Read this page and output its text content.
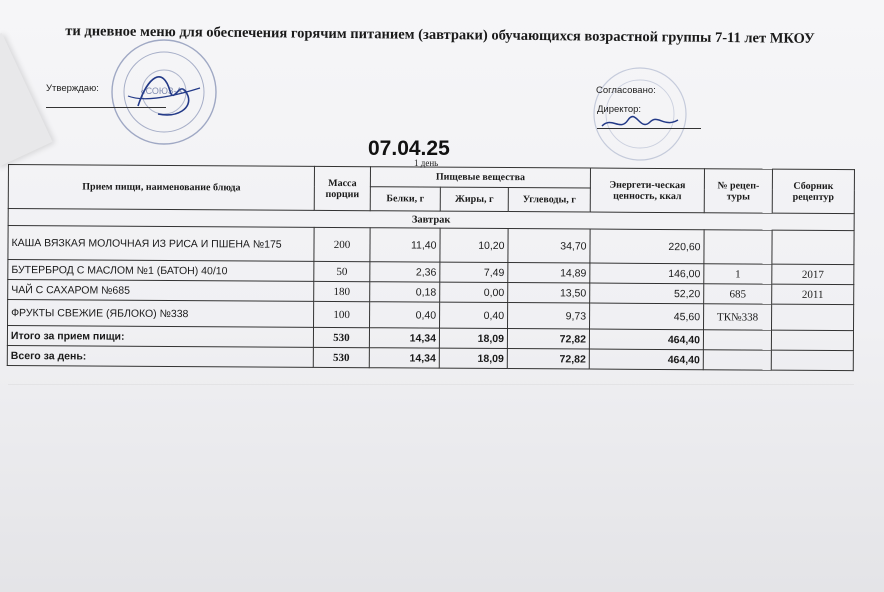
ти дневное меню для обеспечения горячим питанием (завтраки) обучающихся возрастной группы 7-11 лет МКОУ
«СОЮЗ-А»
Утверждаю:	Согласовано:
Директор:
07.04.25
1 день
Прием пищи, наименование блюда	Масса порции	Пищевые вещества			Энергети-ческая ценность, ккал	№ рецеп-туры	Сборник рецептур
		Белки, г	Жиры, г	Углеводы, г			
Завтрак							
КАША ВЯЗКАЯ МОЛОЧНАЯ ИЗ РИСА И ПШЕНА №175	200	11,40	10,20	34,70	220,60		
БУТЕРБРОД С МАСЛОМ №1 (БАТОН) 40/10	50	2,36	7,49	14,89	146,00	1	2017
ЧАЙ С САХАРОМ №685	180	0,18	0,00	13,50	52,20	685	2011
ФРУКТЫ СВЕЖИЕ (ЯБЛОКО) №338	100	0,40	0,40	9,73	45,60	ТК№338	
Итого за прием пищи:	530	14,34	18,09	72,82	464,40		
Всего за день:	530	14,34	18,09	72,82	464,40		
